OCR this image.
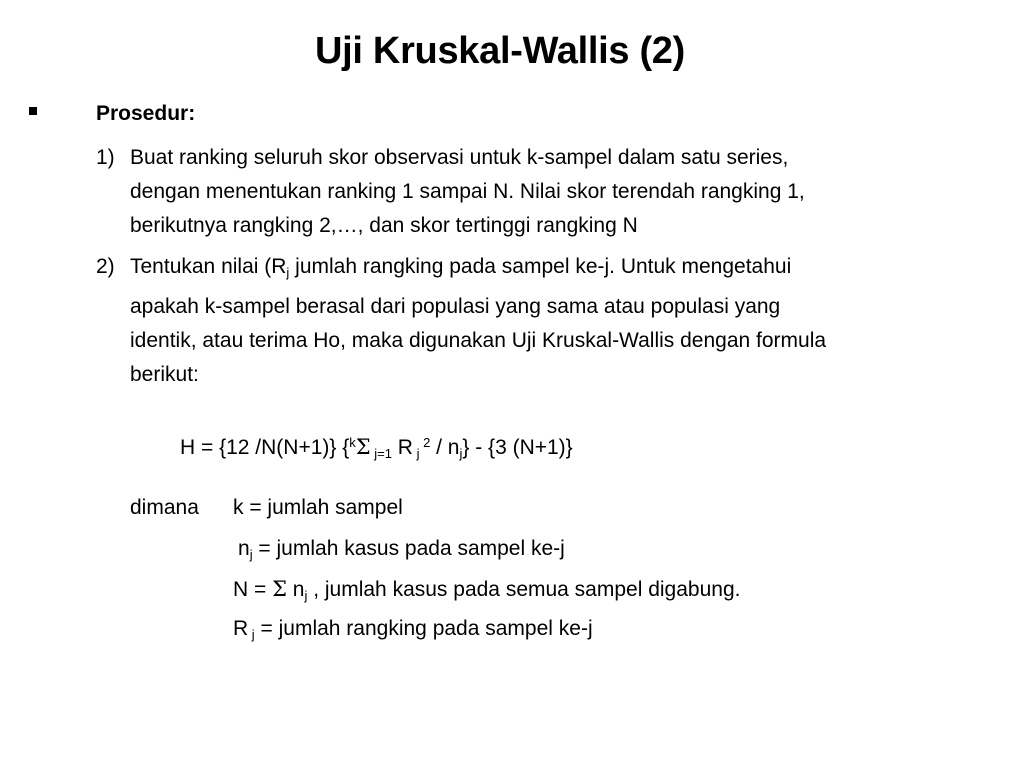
Uji Kruskal-Wallis (2)
Prosedur:
1) Buat ranking seluruh skor observasi untuk k-sampel dalam satu series,
dengan menentukan ranking 1 sampai N. Nilai skor terendah rangking 1,
berikutnya rangking 2,…, dan skor tertinggi rangking N
2) Tentukan nilai ($R_j$ jumlah rangking pada sampel ke-j. Untuk mengetahui
apakah k-sampel berasal dari populasi yang sama atau populasi yang
identik, atau terima Ho, maka digunakan Uji Kruskal-Wallis dengan formula
berikut:
H = {12 /N(N+1)} {$^k$Σ $_{j=1}$ R $_j$ $^2 / n_j\} - \{3$ (N+1)}
dimana k = jumlah sampel
$n_j$ = jumlah kasus pada sampel ke-j
N = Σ $n_j$ , jumlah kasus pada semua sampel digabung.
R $_j$ = jumlah rangking pada sampel ke-j
